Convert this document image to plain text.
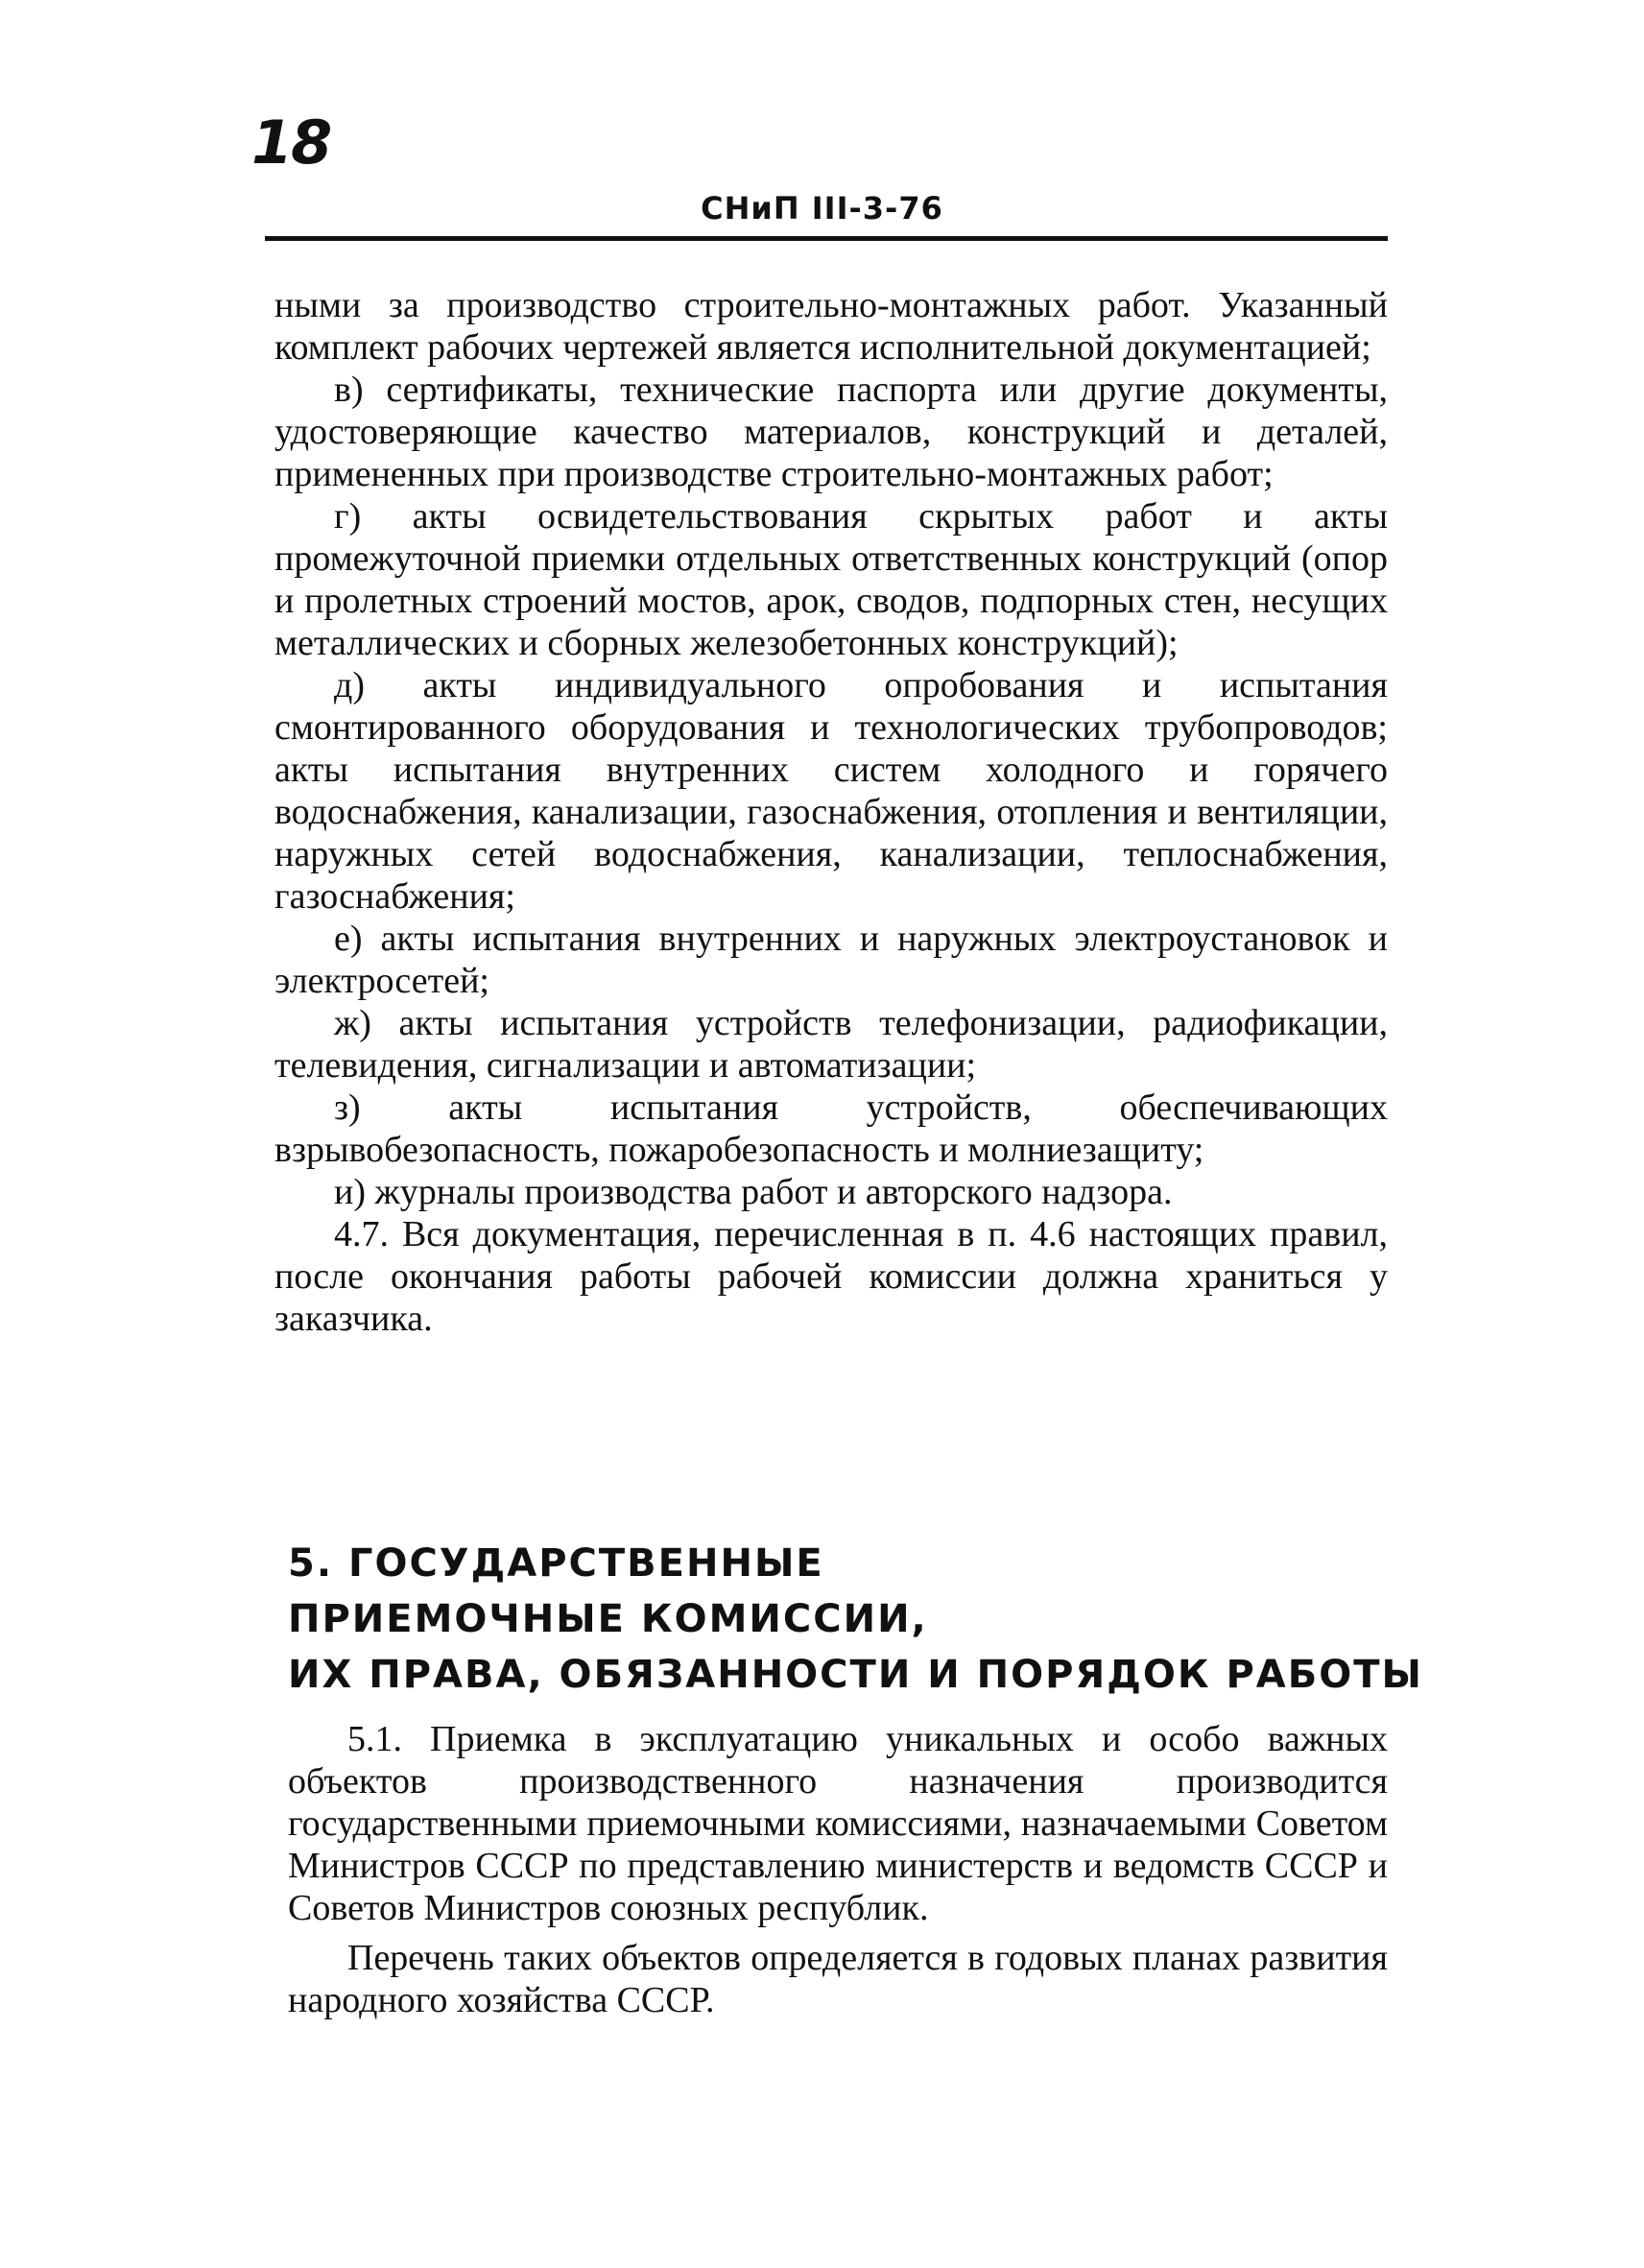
18
СНиП III-3-76

ными за производство строительно-монтажных работ. Указанный комплект рабочих чертежей является исполнительной документацией;

в) сертификаты, технические паспорта или другие документы, удостоверяющие качество материалов, конструкций и деталей, примененных при производстве строительно-монтажных работ;

г) акты освидетельствования скрытых работ и акты промежуточной приемки отдельных ответственных конструкций (опор и пролетных строений мостов, арок, сводов, подпорных стен, несущих металлических и сборных железобетонных конструкций);

д) акты индивидуального опробования и испытания смонтированного оборудования и технологических трубопроводов; акты испытания внутренних систем холодного и горячего водоснабжения, канализации, газоснабжения, отопления и вентиляции, наружных сетей водоснабжения, канализации, теплоснабжения, газоснабжения;

е) акты испытания внутренних и наружных электроустановок и электросетей;

ж) акты испытания устройств телефонизации, радиофикации, телевидения, сигнализации и автоматизации;

з) акты испытания устройств, обеспечивающих взрывобезопасность, пожаробезопасность и молниезащиту;

и) журналы производства работ и авторского надзора.

4.7. Вся документация, перечисленная в п. 4.6 настоящих правил, после окончания работы рабочей комиссии должна храниться у заказчика.

5. ГОСУДАРСТВЕННЫЕ
ПРИЕМОЧНЫЕ КОМИССИИ,
ИХ ПРАВА, ОБЯЗАННОСТИ И ПОРЯДОК РАБОТЫ

5.1. Приемка в эксплуатацию уникальных и особо важных объектов производственного назначения производится государственными приемочными комиссиями, назначаемыми Советом Министров СССР по представлению министерств и ведомств СССР и Советов Министров союзных республик.

Перечень таких объектов определяется в годовых планах развития народного хозяйства СССР.
